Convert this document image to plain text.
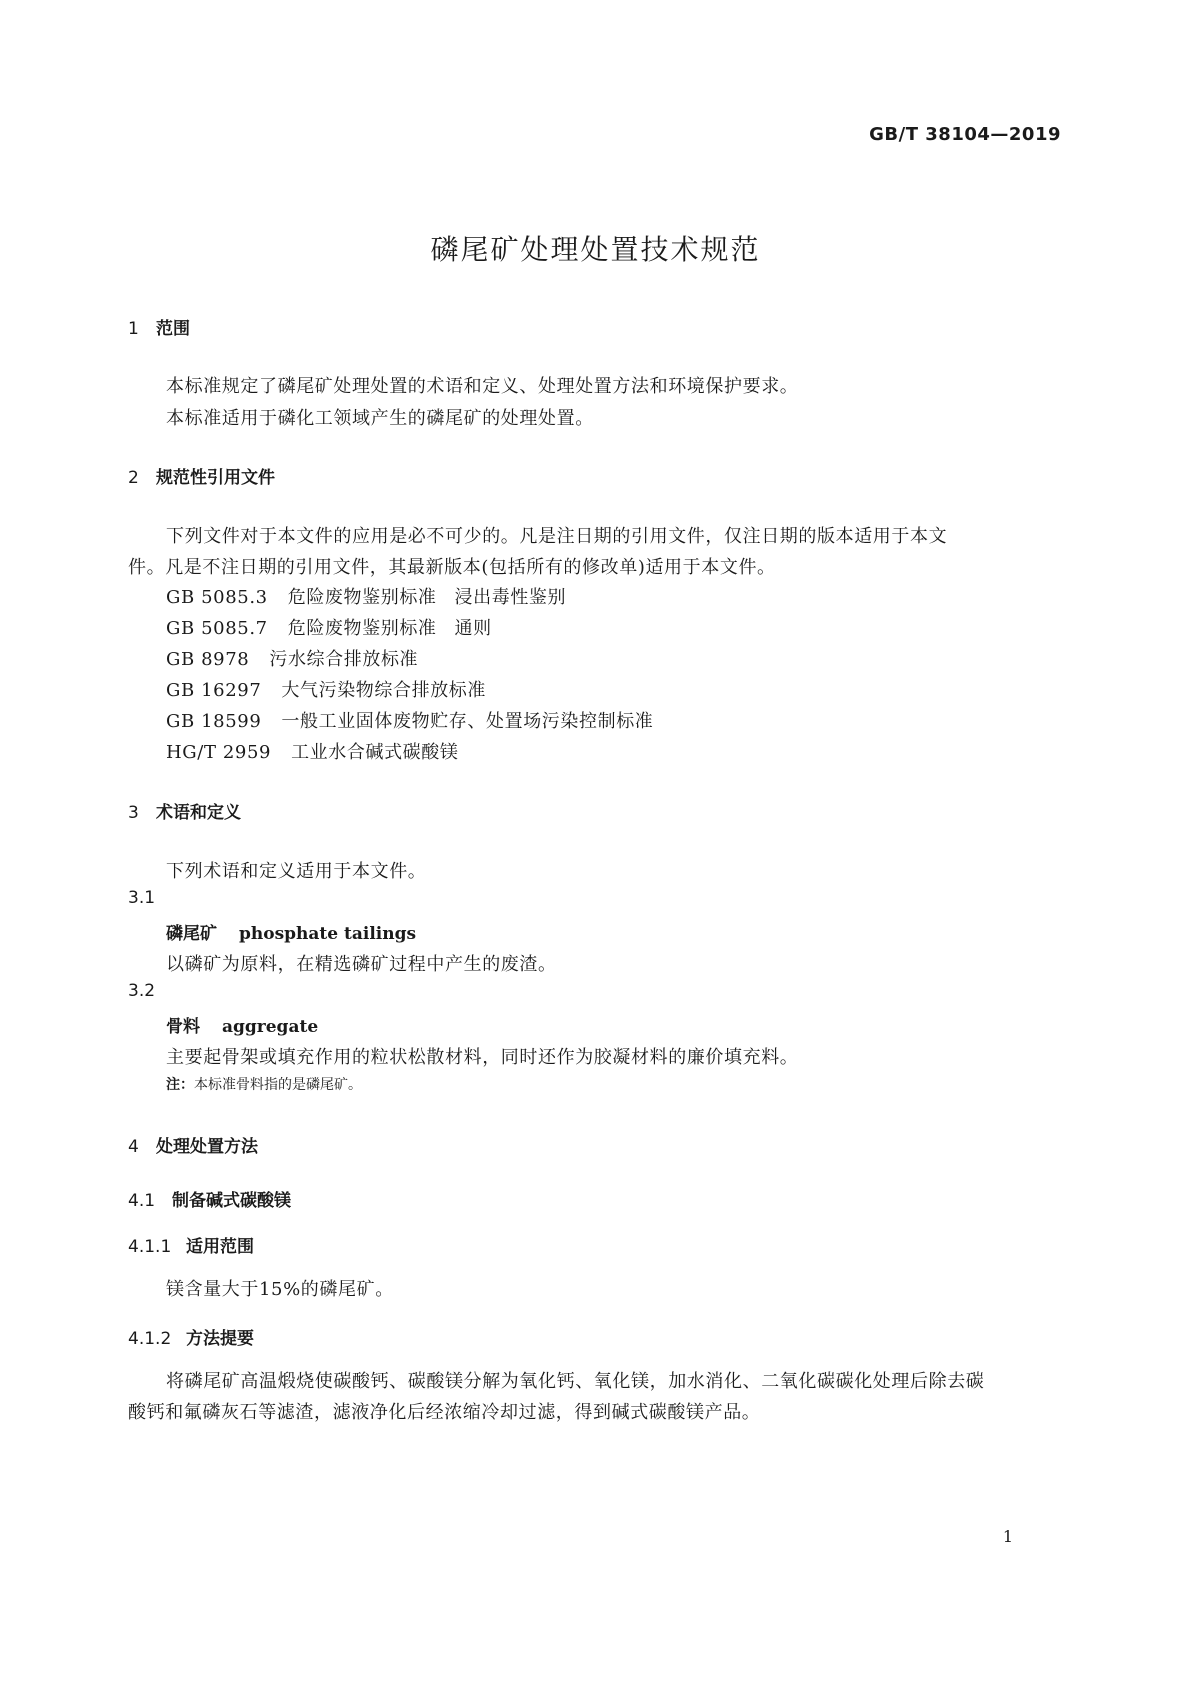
GB/T 38104—2019
磷尾矿处理处置技术规范
1 范围
本标准规定了磷尾矿处理处置的术语和定义、处理处置方法和环境保护要求。
本标准适用于磷化工领域产生的磷尾矿的处理处置。
2 规范性引用文件
下列文件对于本文件的应用是必不可少的。凡是注日期的引用文件，仅注日期的版本适用于本文
件。凡是不注日期的引用文件，其最新版本(包括所有的修改单)适用于本文件。
GB 5085.3 危险废物鉴别标准 浸出毒性鉴别
GB 5085.7 危险废物鉴别标准 通则
GB 8978 污水综合排放标准
GB 16297 大气污染物综合排放标准
GB 18599 一般工业固体废物贮存、处置场污染控制标准
HG/T 2959 工业水合碱式碳酸镁
3 术语和定义
下列术语和定义适用于本文件。
3.1
磷尾矿 phosphate tailings
以磷矿为原料，在精选磷矿过程中产生的废渣。
3.2
骨料 aggregate
主要起骨架或填充作用的粒状松散材料，同时还作为胶凝材料的廉价填充料。
注：本标准骨料指的是磷尾矿。
4 处理处置方法
4.1 制备碱式碳酸镁
4.1.1 适用范围
镁含量大于15%的磷尾矿。
4.1.2 方法提要
将磷尾矿高温煅烧使碳酸钙、碳酸镁分解为氧化钙、氧化镁，加水消化、二氧化碳碳化处理后除去碳
酸钙和氟磷灰石等滤渣，滤液净化后经浓缩冷却过滤，得到碱式碳酸镁产品。
1
